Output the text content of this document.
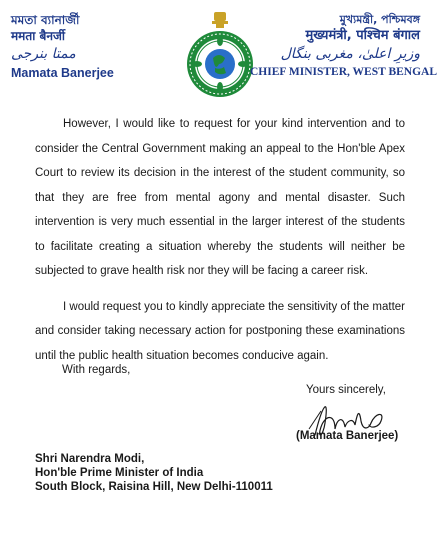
মমতা ব্যানার্জী
ममता बैनर्जी
ممتا بنرجی
Mamata Banerjee
মুখ্যমন্ত্রী, পশ্চিমবঙ্গ
मुख्यमंत्री, पश्चिम बंगाल
وزیرِ اعلیٰ، مغربی بنگال
CHIEF MINISTER, WEST BENGAL

However, I would like to request for your kind intervention and to consider the Central Government making an appeal to the Hon'ble Apex Court to review its decision in the interest of the student community, so that they are free from mental agony and mental disaster. Such intervention is very much essential in the larger interest of the students to facilitate creating a situation whereby the students will neither be subjected to grave health risk nor they will be facing a career risk.

I would request you to kindly appreciate the sensitivity of the matter and consider taking necessary action for postponing these examinations until the public health situation becomes conducive again.

With regards,
Yours sincerely,
(Mamata Banerjee)
Shri Narendra Modi,
Hon'ble Prime Minister of India
South Block, Raisina Hill, New Delhi-110011
